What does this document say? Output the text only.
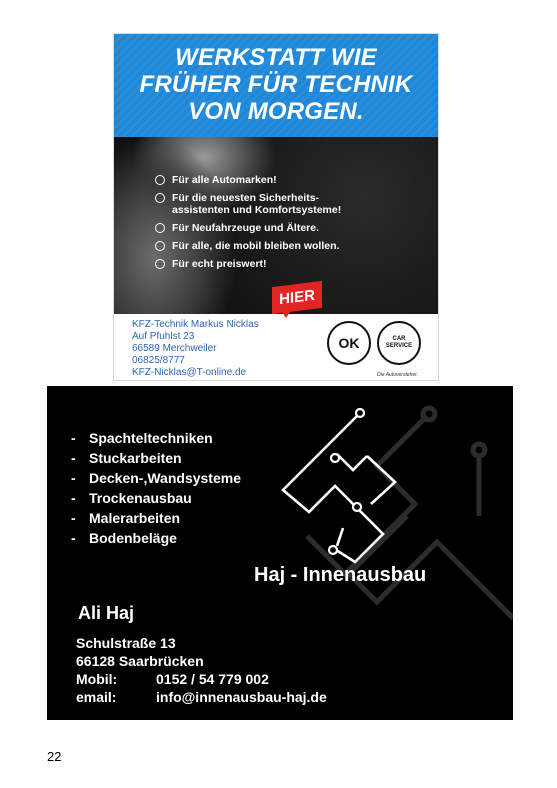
WERKSTATT WIE
FRÜHER FÜR TECHNIK
VON MORGEN.
Für alle Automarken!
Für die neuesten Sicherheits-
assistenten und Komfortsysteme!
Für Neufahrzeuge und Ältere.
Für alle, die mobil bleiben wollen.
Für echt preiswert!
KFZ-Technik Markus Nicklas
Auf Pfuhlst 23
66589 Merchweiler
06825/8777
KFZ-Nicklas@T-online.de
HIER
OK	CAR
SERVICE
Die Autoversteher.
- Spachteltechniken
- Stuckarbeiten
- Decken-,Wandsysteme
- Trockenausbau
- Malerarbeiten
- Bodenbeläge
Haj - Innenausbau
Ali Haj
Schulstraße 13
66128 Saarbrücken
Mobil:	0152 / 54 779 002
email:	info@innenausbau-haj.de
22
